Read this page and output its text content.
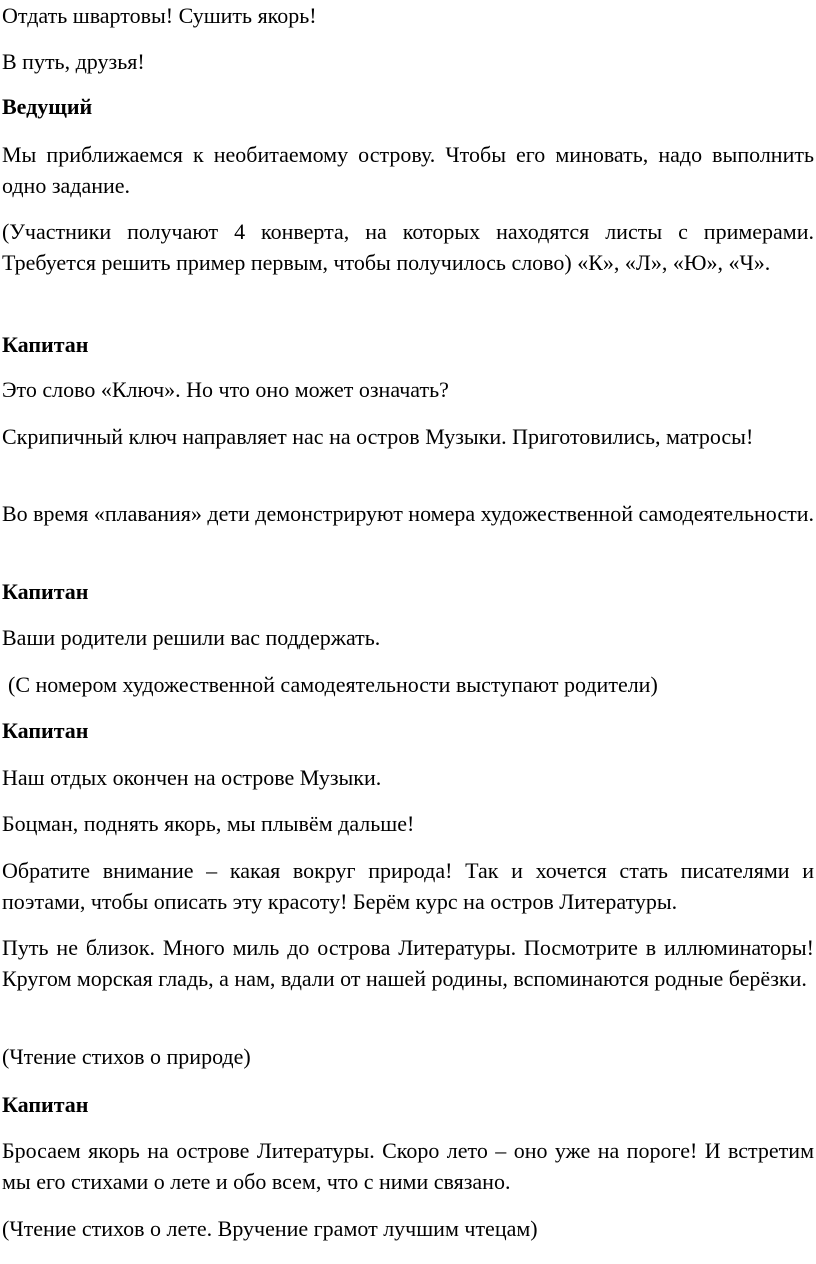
Отдать швартовы! Сушить якорь!

В путь, друзья!

Ведущий

Мы приближаемся к необитаемому острову. Чтобы его миновать, надо выполнить одно задание.

(Участники получают 4 конверта, на которых находятся листы с примерами. Требуется решить пример первым, чтобы получилось слово) «К», «Л», «Ю», «Ч».

Капитан

Это слово «Ключ». Но что оно может означать?

Скрипичный ключ направляет нас на остров Музыки. Приготовились, матросы!

Во время «плавания» дети демонстрируют номера художественной самодеятельности.

Капитан

Ваши родители решили вас поддержать.

(С номером художественной самодеятельности выступают родители)

Капитан

Наш отдых окончен на острове Музыки.

Боцман, поднять якорь, мы плывём дальше!

Обратите внимание – какая вокруг природа! Так и хочется стать писателями и поэтами, чтобы описать эту красоту! Берём курс на остров Литературы.

Путь не близок. Много миль до острова Литературы. Посмотрите в иллюминаторы! Кругом морская гладь, а нам, вдали от нашей родины, вспоминаются родные берёзки.

(Чтение стихов о природе)

Капитан

Бросаем якорь на острове Литературы. Скоро лето – оно уже на пороге! И встретим мы его стихами о лете и обо всем, что с ними связано.

(Чтение стихов о лете. Вручение грамот лучшим чтецам)
